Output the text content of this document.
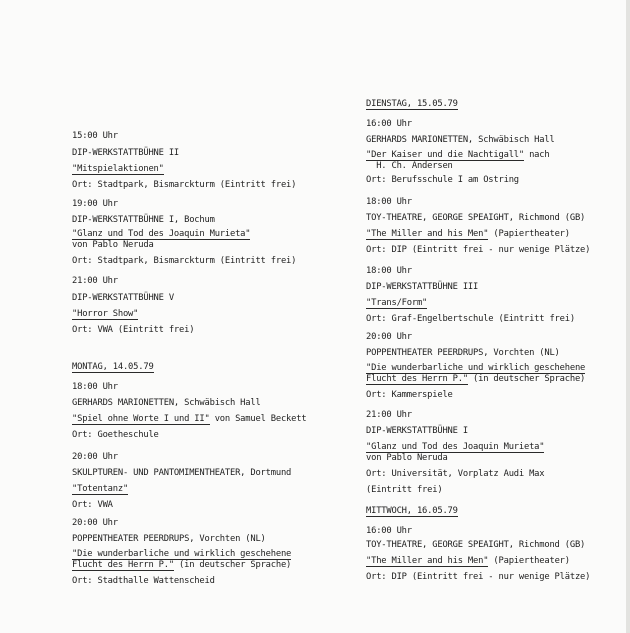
15:00 Uhr
DIP-WERKSTATTBÜHNE II
"Mitspielaktionen"
Ort: Stadtpark, Bismarckturm (Eintritt frei)
19:00 Uhr
DIP-WERKSTATTBÜHNE I, Bochum
"Glanz und Tod des Joaquin Murieta"
von Pablo Neruda
Ort: Stadtpark, Bismarckturm (Eintritt frei)
21:00 Uhr
DIP-WERKSTATTBÜHNE V
"Horror Show"
Ort: VWA (Eintritt frei)
MONTAG, 14.05.79
18:00 Uhr
GERHARDS MARIONETTEN, Schwäbisch Hall
"Spiel ohne Worte I und II" von Samuel Beckett
Ort: Goetheschule
20:00 Uhr
SKULPTUREN- UND PANTOMIMENTHEATER, Dortmund
"Totentanz"
Ort: VWA
20:00 Uhr
POPPENTHEATER PEERDRUPS, Vorchten (NL)
"Die wunderbarliche und wirklich geschehene
Flucht des Herrn P." (in deutscher Sprache)
Ort: Stadthalle Wattenscheid
DIENSTAG, 15.05.79
16:00 Uhr
GERHARDS MARIONETTEN, Schwäbisch Hall
"Der Kaiser und die Nachtigall" nach
H. Ch. Andersen
Ort: Berufsschule I am Ostring
18:00 Uhr
TOY-THEATRE, GEORGE SPEAIGHT, Richmond (GB)
"The Miller and his Men" (Papiertheater)
Ort: DIP (Eintritt frei - nur wenige Plätze)
18:00 Uhr
DIP-WERKSTATTBÜHNE III
"Trans/Form"
Ort: Graf-Engelbertschule (Eintritt frei)
20:00 Uhr
POPPENTHEATER PEERDRUPS, Vorchten (NL)
"Die wunderbarliche und wirklich geschehene
Flucht des Herrn P." (in deutscher Sprache)
Ort: Kammerspiele
21:00 Uhr
DIP-WERKSTATTBÜHNE I
"Glanz und Tod des Joaquin Murieta"
von Pablo Neruda
Ort: Universität, Vorplatz Audi Max
(Eintritt frei)
MITTWOCH, 16.05.79
16:00 Uhr
TOY-THEATRE, GEORGE SPEAIGHT, Richmond (GB)
"The Miller and his Men" (Papiertheater)
Ort: DIP (Eintritt frei - nur wenige Plätze)
